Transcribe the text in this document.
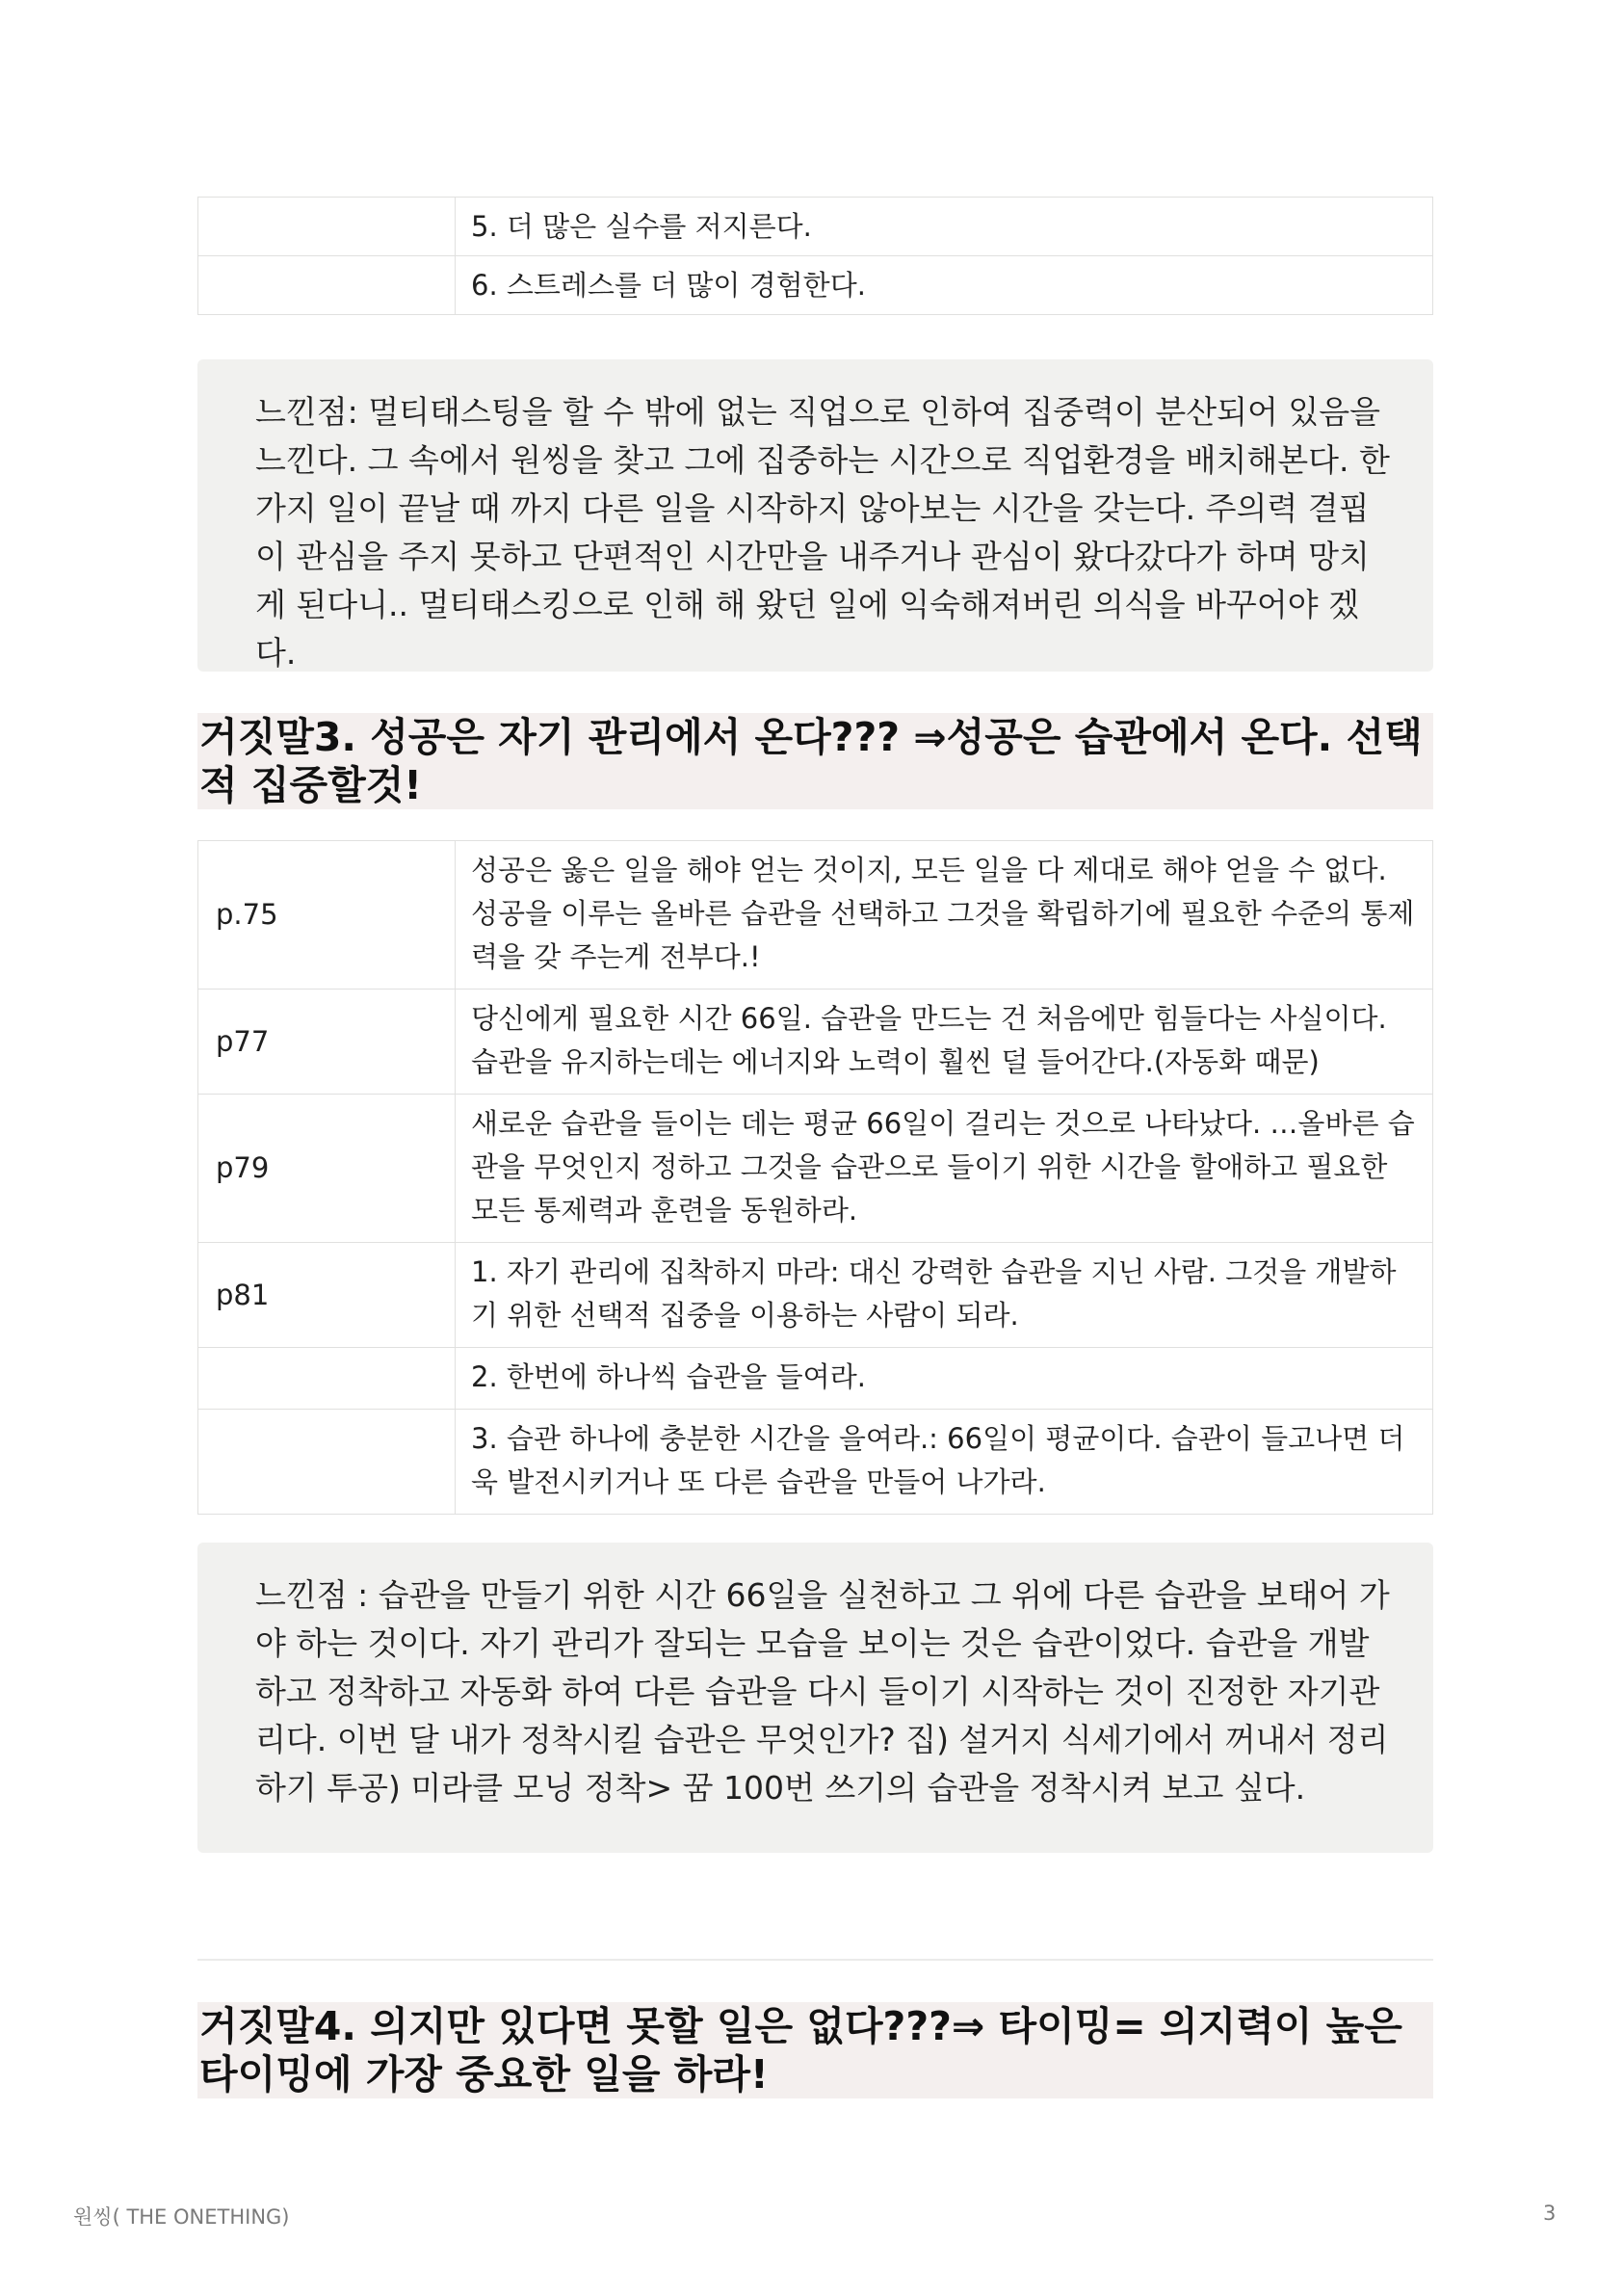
	5. 더 많은 실수를 저지른다.
	6. 스트레스를 더 많이 경험한다.
느낀점: 멀티태스팅을 할 수 밖에 없는 직업으로 인하여 집중력이 분산되어 있음을 느낀다. 그 속에서 원씽을 찾고 그에 집중하는 시간으로 직업환경을 배치해본다. 한가지 일이 끝날 때 까지 다른 일을 시작하지 않아보는 시간을 갖는다. 주의력 결핍이 관심을 주지 못하고 단편적인 시간만을 내주거나 관심이 왔다갔다가 하며 망치게 된다니.. 멀티태스킹으로 인해 해 왔던 일에 익숙해져버린 의식을 바꾸어야 겠다.
거짓말3. 성공은 자기 관리에서 온다??? ⇒성공은 습관에서 온다. 선택적 집중할것!
p.75	성공은 옳은 일을 해야 얻는 것이지, 모든 일을 다 제대로 해야 얻을 수 없다. 성공을 이루는 올바른 습관을 선택하고 그것을 확립하기에 필요한 수준의 통제력을 갖 주는게 전부다.!
p77	당신에게 필요한 시간 66일. 습관을 만드는 건 처음에만 힘들다는 사실이다. 습관을 유지하는데는 에너지와 노력이 훨씬 덜 들어간다.(자동화 때문)
p79	새로운 습관을 들이는 데는 평균 66일이 걸리는 것으로 나타났다. …올바른 습관을 무엇인지 정하고 그것을 습관으로 들이기 위한 시간을 할애하고 필요한 모든 통제력과 훈련을 동원하라.
p81	1. 자기 관리에 집착하지 마라: 대신 강력한 습관을 지닌 사람. 그것을 개발하기 위한 선택적 집중을 이용하는 사람이 되라.
	2. 한번에 하나씩 습관을 들여라.
	3. 습관 하나에 충분한 시간을 을여라.: 66일이 평균이다. 습관이 들고나면 더욱 발전시키거나 또 다른 습관을 만들어 나가라.
느낀점 : 습관을 만들기 위한 시간 66일을 실천하고 그 위에 다른 습관을 보태어 가야 하는 것이다. 자기 관리가 잘되는 모습을 보이는 것은 습관이었다. 습관을 개발하고 정착하고 자동화 하여 다른 습관을 다시 들이기 시작하는 것이 진정한 자기관리다. 이번 달 내가 정착시킬 습관은 무엇인가? 집) 설거지 식세기에서 꺼내서 정리하기 투공) 미라클 모닝 정착> 꿈 100번 쓰기의 습관을 정착시켜 보고 싶다.
거짓말4. 의지만 있다면 못할 일은 없다???⇒ 타이밍= 의지력이 높은 타이밍에 가장 중요한 일을 하라!
원씽( THE ONETHING)	3
